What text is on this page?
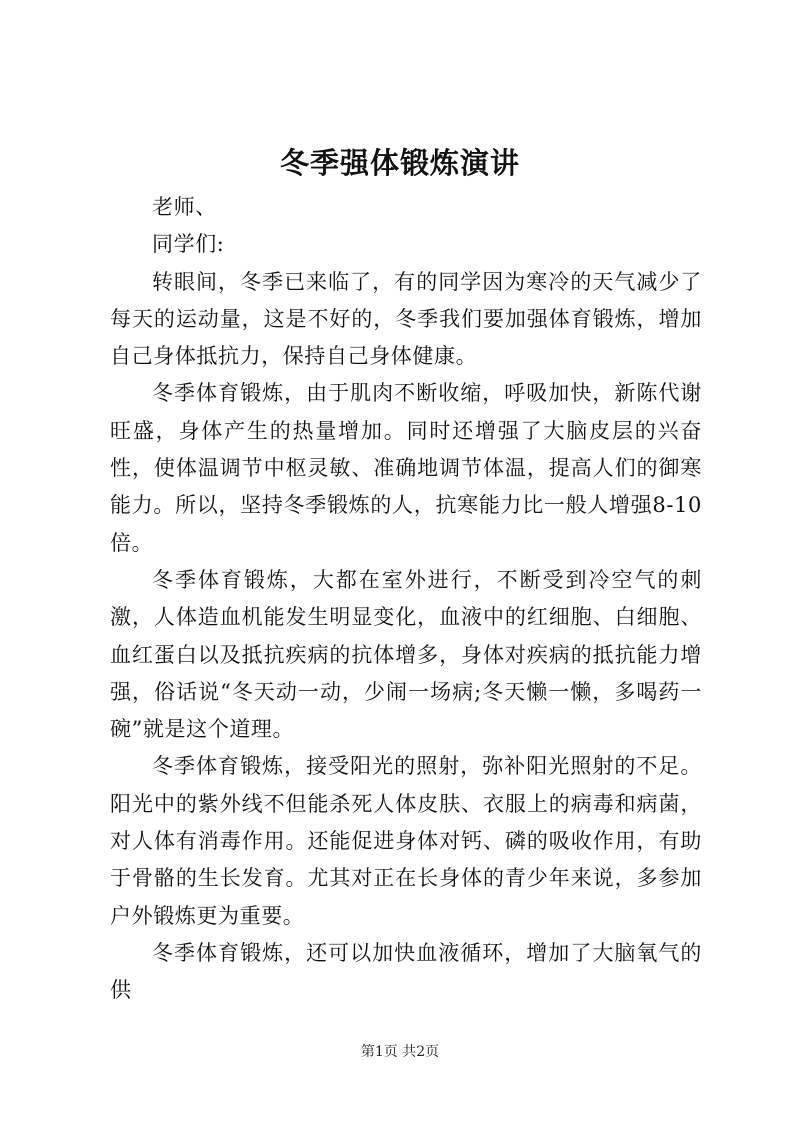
冬季强体锻炼演讲

老师、

同学们:

转眼间，冬季已来临了，有的同学因为寒冷的天气减少了每天的运动量，这是不好的，冬季我们要加强体育锻炼，增加自己身体抵抗力，保持自己身体健康。

冬季体育锻炼，由于肌肉不断收缩，呼吸加快，新陈代谢旺盛，身体产生的热量增加。同时还增强了大脑皮层的兴奋性，使体温调节中枢灵敏、准确地调节体温，提高人们的御寒能力。所以，坚持冬季锻炼的人，抗寒能力比一般人增强8-10倍。

冬季体育锻炼，大都在室外进行，不断受到冷空气的刺激，人体造血机能发生明显变化，血液中的红细胞、白细胞、血红蛋白以及抵抗疾病的抗体增多，身体对疾病的抵抗能力增强，俗话说“冬天动一动，少闹一场病;冬天懒一懒，多喝药一碗”就是这个道理。

冬季体育锻炼，接受阳光的照射，弥补阳光照射的不足。阳光中的紫外线不但能杀死人体皮肤、衣服上的病毒和病菌，对人体有消毒作用。还能促进身体对钙、磷的吸收作用，有助于骨骼的生长发育。尤其对正在长身体的青少年来说，多参加户外锻炼更为重要。

冬季体育锻炼，还可以加快血液循环，增加了大脑氧气的供

第1页 共2页
